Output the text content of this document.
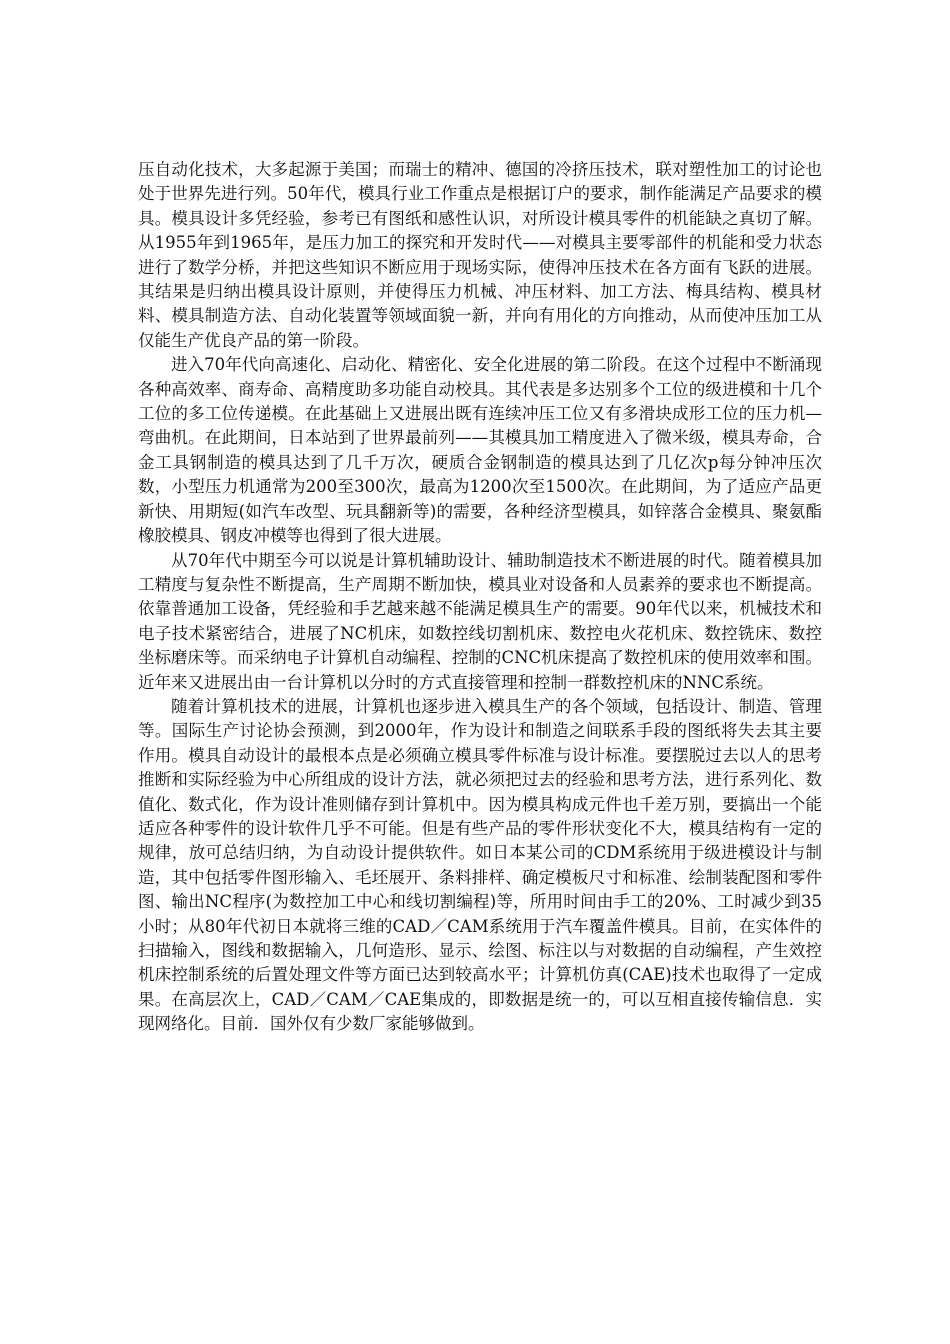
压自动化技术，大多起源于美国；而瑞士的精冲、德国的冷挤压技术，联对塑性加工的讨论也处于世界先进行列。50年代，模具行业工作重点是根据订户的要求，制作能满足产品要求的模具。模具设计多凭经验，参考已有图纸和感性认识，对所设计模具零件的机能缺之真切了解。从1955年到1965年，是压力加工的探究和开发时代——对模具主要零部件的机能和受力状态进行了数学分桥，并把这些知识不断应用于现场实际，使得冲压技术在各方面有飞跃的进展。其结果是归纳出模具设计原则，并使得压力机械、冲压材料、加工方法、梅具结构、模具材料、模具制造方法、自动化装置等领域面貌一新，并向有用化的方向推动，从而使冲压加工从仅能生产优良产品的第一阶段。

进入70年代向高速化、启动化、精密化、安全化进展的第二阶段。在这个过程中不断涌现各种高效率、商寿命、高精度助多功能自动校具。其代表是多达别多个工位的级进模和十几个工位的多工位传递模。在此基础上又进展出既有连续冲压工位又有多滑块成形工位的压力机—弯曲机。在此期间，日本站到了世界最前列——其模具加工精度进入了微米级，模具寿命，合金工具钢制造的模具达到了几千万次，硬质合金钢制造的模具达到了几亿次p每分钟冲压次数，小型压力机通常为200至300次，最高为1200次至1500次。在此期间，为了适应产品更新快、用期短(如汽车改型、玩具翻新等)的需要，各种经济型模具，如锌落合金模具、聚氨酯橡胶模具、钢皮冲模等也得到了很大进展。

从70年代中期至今可以说是计算机辅助设计、辅助制造技术不断进展的时代。随着模具加工精度与复杂性不断提高，生产周期不断加快，模具业对设备和人员素养的要求也不断提高。依靠普通加工设备，凭经验和手艺越来越不能满足模具生产的需要。90年代以来，机械技术和电子技术紧密结合，进展了NC机床，如数控线切割机床、数控电火花机床、数控铣床、数控坐标磨床等。而采纳电子计算机自动编程、控制的CNC机床提高了数控机床的使用效率和围。近年来又进展出由一台计算机以分时的方式直接管理和控制一群数控机床的NNC系统。

随着计算机技术的进展，计算机也逐步进入模具生产的各个领域，包括设计、制造、管理等。国际生产讨论协会预测，到2000年，作为设计和制造之间联系手段的图纸将失去其主要作用。模具自动设计的最根本点是必须确立模具零件标准与设计标准。要摆脱过去以人的思考推断和实际经验为中心所组成的设计方法，就必须把过去的经验和思考方法，进行系列化、数值化、数式化，作为设计准则储存到计算机中。因为模具构成元件也千差万别，要搞出一个能适应各种零件的设计软件几乎不可能。但是有些产品的零件形状变化不大，模具结构有一定的规律，放可总结归纳，为自动设计提供软件。如日本某公司的CDM系统用于级进模设计与制造，其中包括零件图形输入、毛坯展开、条料排样、确定模板尺寸和标准、绘制装配图和零件图、输出NC程序(为数控加工中心和线切割编程)等，所用时间由手工的20%、工时减少到35小时；从80年代初日本就将三维的CAD／CAM系统用于汽车覆盖件模具。目前，在实体件的扫描输入，图线和数据输入，几何造形、显示、绘图、标注以与对数据的自动编程，产生效控机床控制系统的后置处理文件等方面已达到较高水平；计算机仿真(CAE)技术也取得了一定成果。在高层次上，CAD／CAM／CAE集成的，即数据是统一的，可以互相直接传输信息．实现网络化。目前．国外仅有少数厂家能够做到。
